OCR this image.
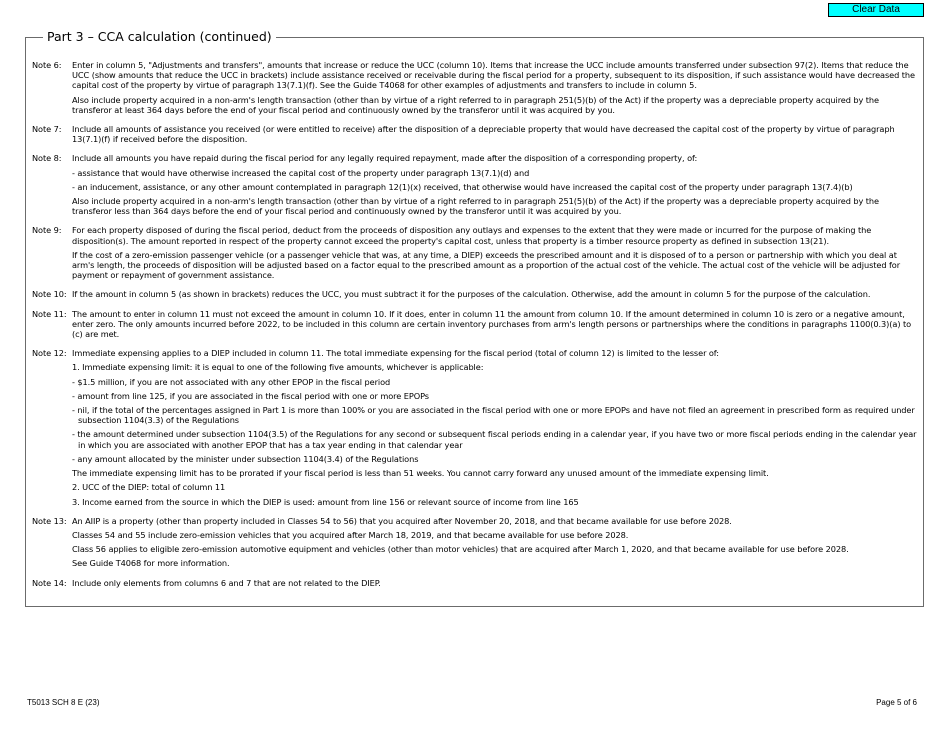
Clear Data
Part 3 – CCA calculation (continued)
Note 6:	Enter in column 5, "Adjustments and transfers", amounts that increase or reduce the UCC (column 10). Items that increase the UCC include amounts transferred under subsection 97(2). Items that reduce the UCC (show amounts that reduce the UCC in brackets) include assistance received or receivable during the fiscal period for a property, subsequent to its disposition, if such assistance would have decreased the capital cost of the property by virtue of paragraph 13(7.1)(f). See the Guide T4068 for other examples of adjustments and transfers to include in column 5.

Also include property acquired in a non-arm's length transaction (other than by virtue of a right referred to in paragraph 251(5)(b) of the Act) if the property was a depreciable property acquired by the transferor at least 364 days before the end of your fiscal period and continuously owned by the transferor until it was acquired by you.

Note 7:	Include all amounts of assistance you received (or were entitled to receive) after the disposition of a depreciable property that would have decreased the capital cost of the property by virtue of paragraph 13(7.1)(f) if received before the disposition.

Note 8:	Include all amounts you have repaid during the fiscal period for any legally required repayment, made after the disposition of a corresponding property, of:

- assistance that would have otherwise increased the capital cost of the property under paragraph 13(7.1)(d) and

- an inducement, assistance, or any other amount contemplated in paragraph 12(1)(x) received, that otherwise would have increased the capital cost of the property under paragraph 13(7.4)(b)

Also include property acquired in a non-arm's length transaction (other than by virtue of a right referred to in paragraph 251(5)(b) of the Act) if the property was a depreciable property acquired by the transferor less than 364 days before the end of your fiscal period and continuously owned by the transferor until it was acquired by you.

Note 9:	For each property disposed of during the fiscal period, deduct from the proceeds of disposition any outlays and expenses to the extent that they were made or incurred for the purpose of making the disposition(s). The amount reported in respect of the property cannot exceed the property's capital cost, unless that property is a timber resource property as defined in subsection 13(21).

If the cost of a zero-emission passenger vehicle (or a passenger vehicle that was, at any time, a DIEP) exceeds the prescribed amount and it is disposed of to a person or partnership with which you deal at arm's length, the proceeds of disposition will be adjusted based on a factor equal to the prescribed amount as a proportion of the actual cost of the vehicle. The actual cost of the vehicle will be adjusted for payment or repayment of government assistance.

Note 10: If the amount in column 5 (as shown in brackets) reduces the UCC, you must subtract it for the purposes of the calculation. Otherwise, add the amount in column 5 for the purpose of the calculation.

Note 11: The amount to enter in column 11 must not exceed the amount in column 10. If it does, enter in column 11 the amount from column 10. If the amount determined in column 10 is zero or a negative amount, enter zero. The only amounts incurred before 2022, to be included in this column are certain inventory purchases from arm's length persons or partnerships where the conditions in paragraphs 1100(0.3)(a) to (c) are met.

Note 12: Immediate expensing applies to a DIEP included in column 11. The total immediate expensing for the fiscal period (total of column 12) is limited to the lesser of:

1. Immediate expensing limit: it is equal to one of the following five amounts, whichever is applicable:

- $1.5 million, if you are not associated with any other EPOP in the fiscal period

- amount from line 125, if you are associated in the fiscal period with one or more EPOPs

- nil, if the total of the percentages assigned in Part 1 is more than 100% or you are associated in the fiscal period with one or more EPOPs and have not filed an agreement in prescribed form as required under subsection 1104(3.3) of the Regulations

- the amount determined under subsection 1104(3.5) of the Regulations for any second or subsequent fiscal periods ending in a calendar year, if you have two or more fiscal periods ending in the calendar year in which you are associated with another EPOP that has a tax year ending in that calendar year

- any amount allocated by the minister under subsection 1104(3.4) of the Regulations

The immediate expensing limit has to be prorated if your fiscal period is less than 51 weeks. You cannot carry forward any unused amount of the immediate expensing limit.

2. UCC of the DIEP: total of column 11

3. Income earned from the source in which the DIEP is used: amount from line 156 or relevant source of income from line 165

Note 13: An AIIP is a property (other than property included in Classes 54 to 56) that you acquired after November 20, 2018, and that became available for use before 2028.

Classes 54 and 55 include zero-emission vehicles that you acquired after March 18, 2019, and that became available for use before 2028.

Class 56 applies to eligible zero-emission automotive equipment and vehicles (other than motor vehicles) that are acquired after March 1, 2020, and that became available for use before 2028.

See Guide T4068 for more information.

Note 14: Include only elements from columns 6 and 7 that are not related to the DIEP.

T5013 SCH 8 E (23)	Page 5 of 6
